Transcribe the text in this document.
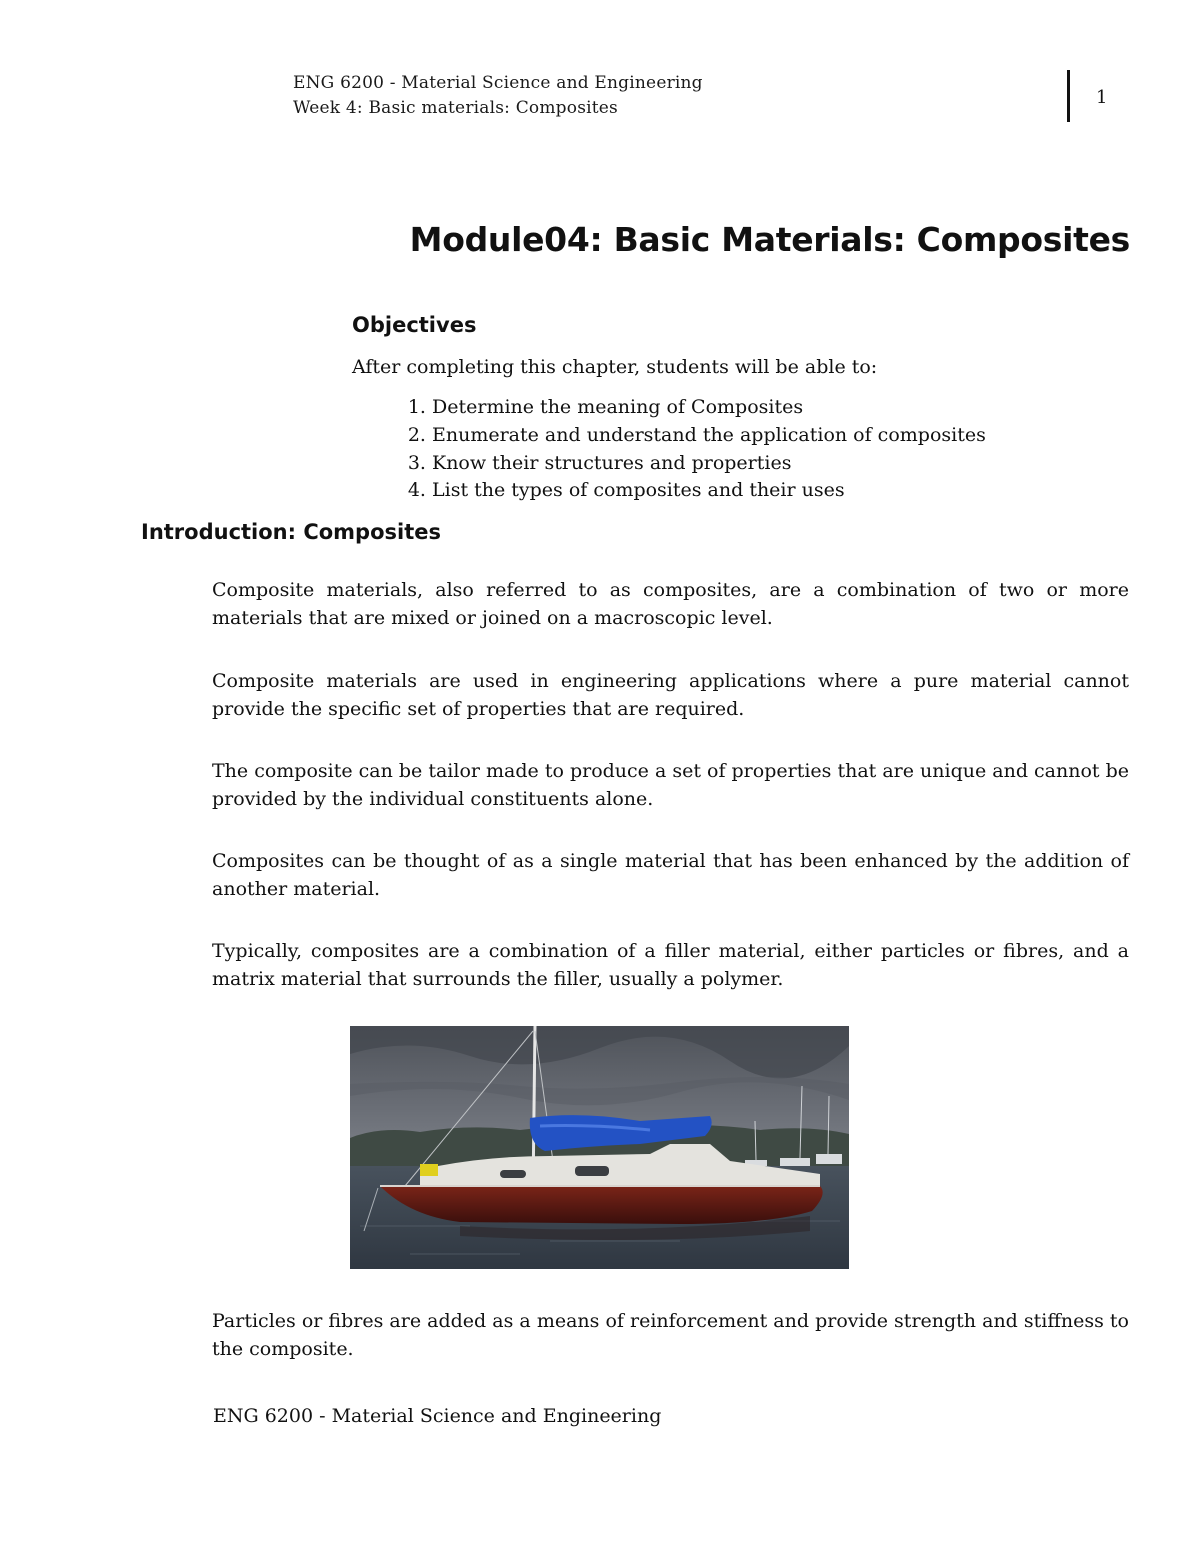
ENG 6200 - Material Science and Engineering
Week 4: Basic materials: Composites	1
Module04: Basic Materials: Composites
Objectives
After completing this chapter, students will be able to:
1. Determine the meaning of Composites
2. Enumerate and understand the application of composites
3. Know their structures and properties
4. List the types of composites and their uses
Introduction: Composites

Composite materials, also referred to as composites, are a combination of two or more materials that are mixed or joined on a macroscopic level.

Composite materials are used in engineering applications where a pure material cannot provide the specific set of properties that are required.

The composite can be tailor made to produce a set of properties that are unique and cannot be provided by the individual constituents alone.

Composites can be thought of as a single material that has been enhanced by the addition of another material.

Typically, composites are a combination of a filler material, either particles or fibres, and a matrix material that surrounds the filler, usually a polymer.

Particles or fibres are added as a means of reinforcement and provide strength and stiffness to the composite.

ENG 6200 - Material Science and Engineering
